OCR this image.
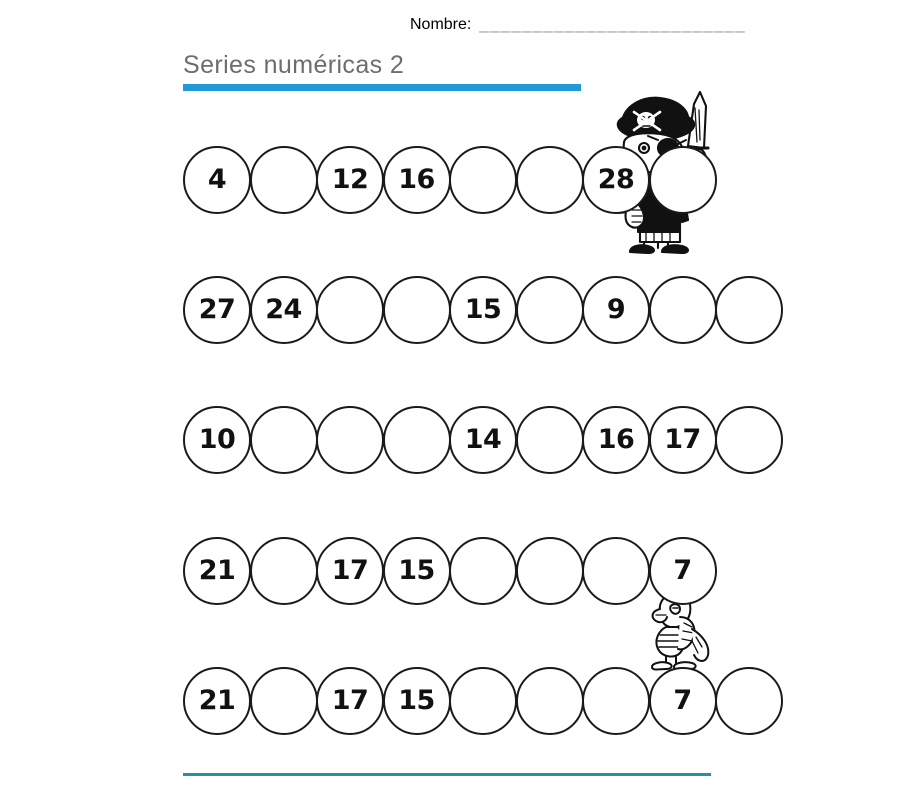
Nombre: _________________________
Series numéricas 2
4	12 16	28
27 24	15	9
10	14	16 17
21	17 15	7
21	17 15	7
